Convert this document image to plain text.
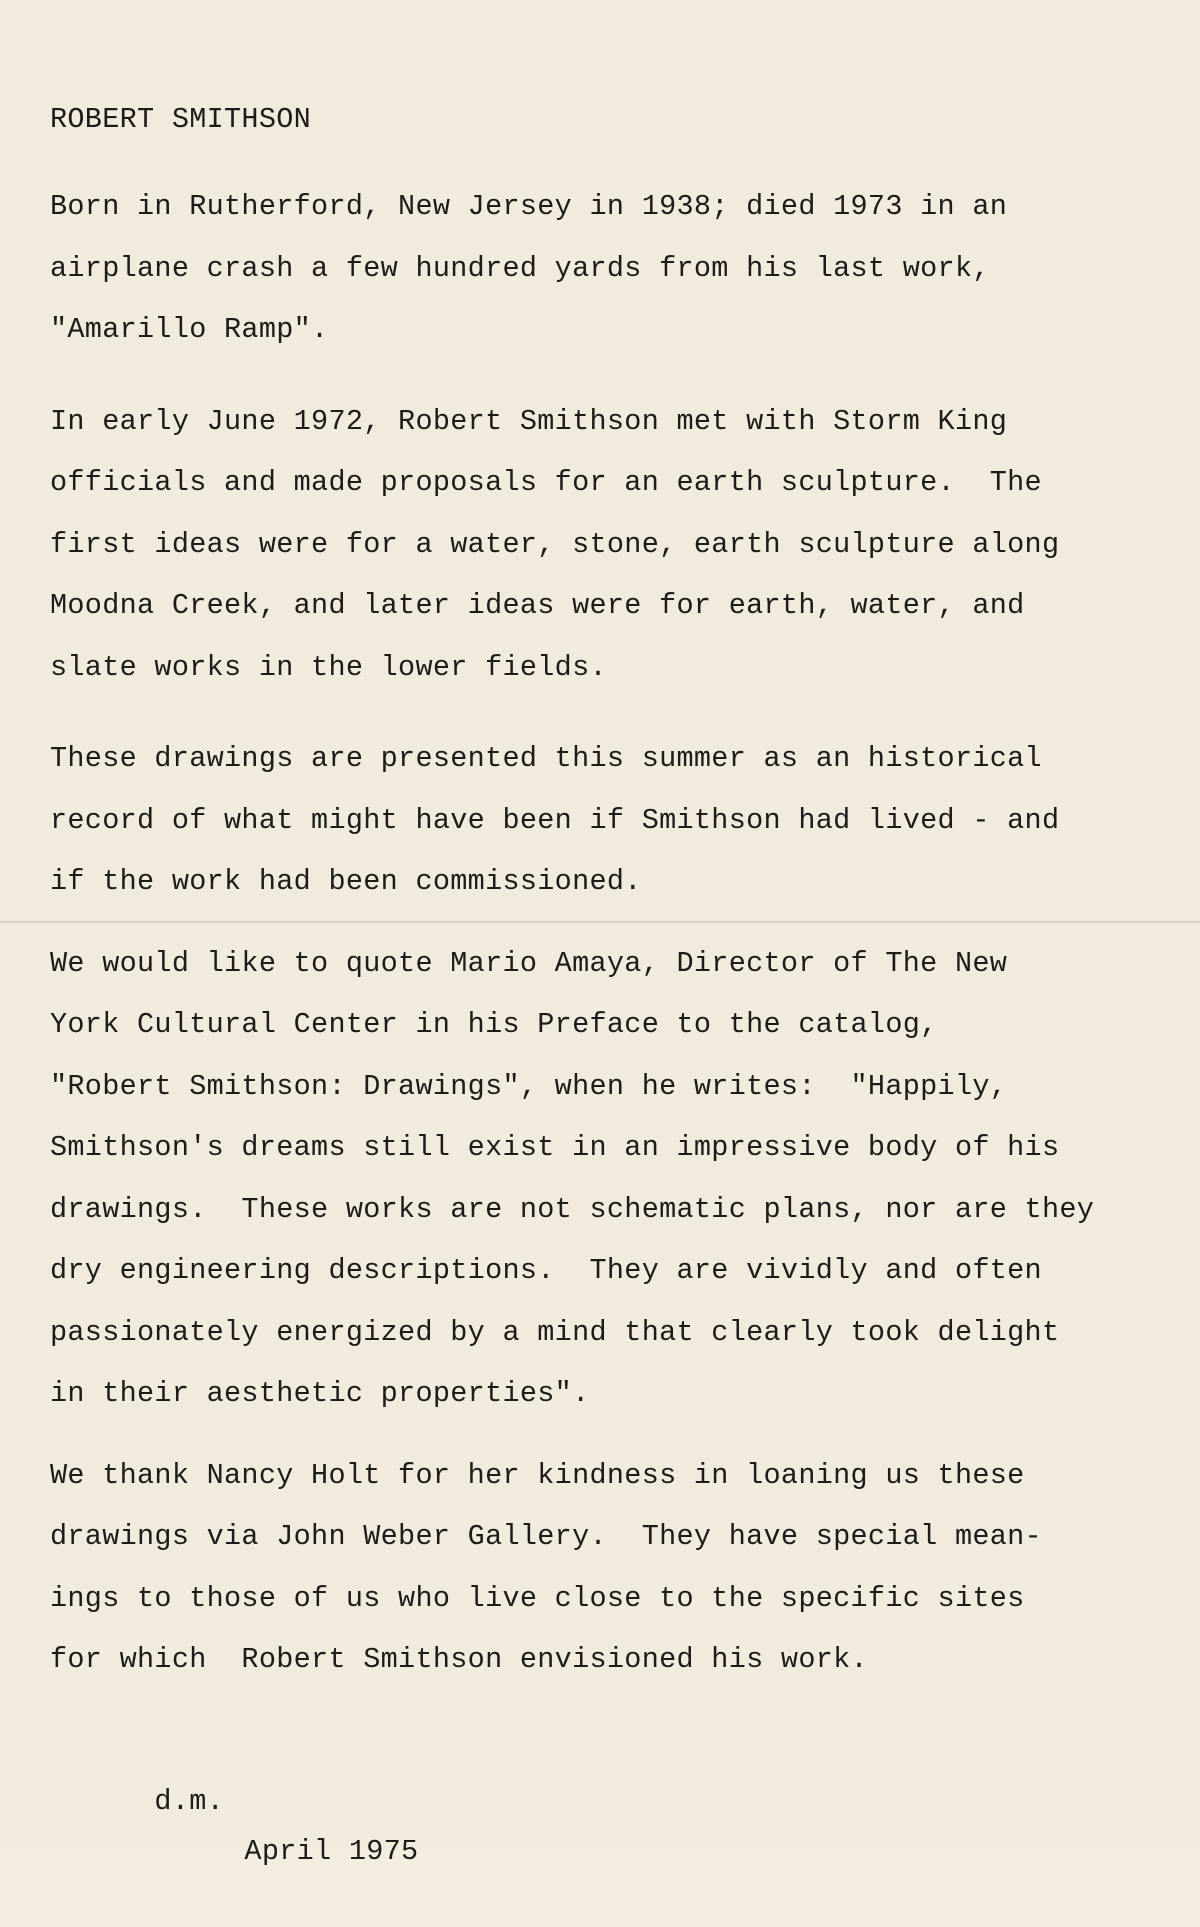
ROBERT SMITHSON
Born in Rutherford, New Jersey in 1938; died 1973 in an
airplane crash a few hundred yards from his last work,
"Amarillo Ramp".
In early June 1972, Robert Smithson met with Storm King
officials and made proposals for an earth sculpture.  The
first ideas were for a water, stone, earth sculpture along
Moodna Creek, and later ideas were for earth, water, and
slate works in the lower fields.
These drawings are presented this summer as an historical
record of what might have been if Smithson had lived - and
if the work had been commissioned.
We would like to quote Mario Amaya, Director of The New
York Cultural Center in his Preface to the catalog,
"Robert Smithson: Drawings", when he writes:  "Happily,
Smithson's dreams still exist in an impressive body of his
drawings.  These works are not schematic plans, nor are they
dry engineering descriptions.  They are vividly and often
passionately energized by a mind that clearly took delight
in their aesthetic properties".
We thank Nancy Holt for her kindness in loaning us these
drawings via John Weber Gallery.  They have special mean-
ings to those of us who live close to the specific sites
for which  Robert Smithson envisioned his work.

d.m.
April 1975
